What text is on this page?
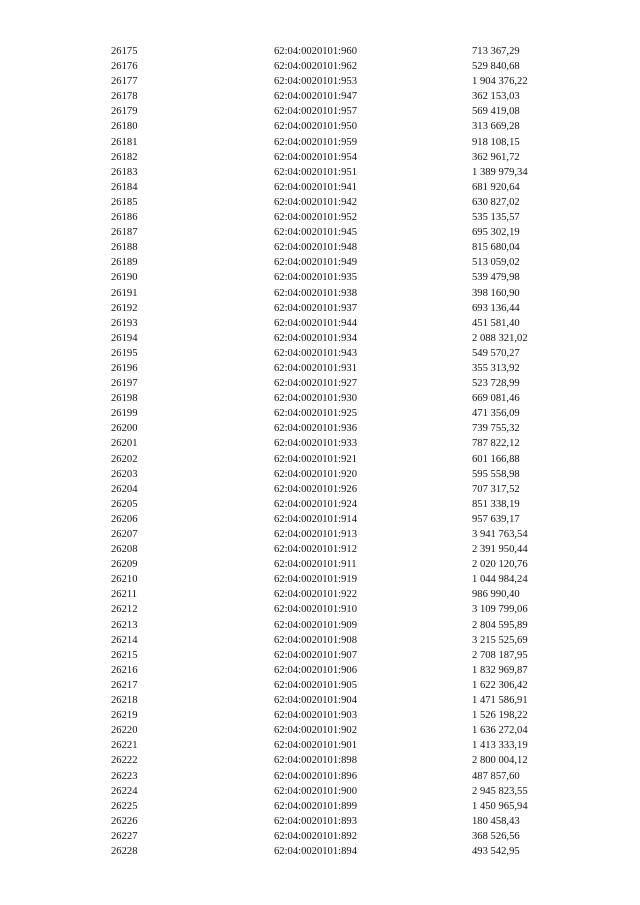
26175	62:04:0020101:960	713 367,29
26176	62:04:0020101:962	529 840,68
26177	62:04:0020101:953	1 904 376,22
26178	62:04:0020101:947	362 153,03
26179	62:04:0020101:957	569 419,08
26180	62:04:0020101:950	313 669,28
26181	62:04:0020101:959	918 108,15
26182	62:04:0020101:954	362 961,72
26183	62:04:0020101:951	1 389 979,34
26184	62:04:0020101:941	681 920,64
26185	62:04:0020101:942	630 827,02
26186	62:04:0020101:952	535 135,57
26187	62:04:0020101:945	695 302,19
26188	62:04:0020101:948	815 680,04
26189	62:04:0020101:949	513 059,02
26190	62:04:0020101:935	539 479,98
26191	62:04:0020101:938	398 160,90
26192	62:04:0020101:937	693 136,44
26193	62:04:0020101:944	451 581,40
26194	62:04:0020101:934	2 088 321,02
26195	62:04:0020101:943	549 570,27
26196	62:04:0020101:931	355 313,92
26197	62:04:0020101:927	523 728,99
26198	62:04:0020101:930	669 081,46
26199	62:04:0020101:925	471 356,09
26200	62:04:0020101:936	739 755,32
26201	62:04:0020101:933	787 822,12
26202	62:04:0020101:921	601 166,88
26203	62:04:0020101:920	595 558,98
26204	62:04:0020101:926	707 317,52
26205	62:04:0020101:924	851 338,19
26206	62:04:0020101:914	957 639,17
26207	62:04:0020101:913	3 941 763,54
26208	62:04:0020101:912	2 391 950,44
26209	62:04:0020101:911	2 020 120,76
26210	62:04:0020101:919	1 044 984,24
26211	62:04:0020101:922	986 990,40
26212	62:04:0020101:910	3 109 799,06
26213	62:04:0020101:909	2 804 595,89
26214	62:04:0020101:908	3 215 525,69
26215	62:04:0020101:907	2 708 187,95
26216	62:04:0020101:906	1 832 969,87
26217	62:04:0020101:905	1 622 306,42
26218	62:04:0020101:904	1 471 586,91
26219	62:04:0020101:903	1 526 198,22
26220	62:04:0020101:902	1 636 272,04
26221	62:04:0020101:901	1 413 333,19
26222	62:04:0020101:898	2 800 004,12
26223	62:04:0020101:896	487 857,60
26224	62:04:0020101:900	2 945 823,55
26225	62:04:0020101:899	1 450 965,94
26226	62:04:0020101:893	180 458,43
26227	62:04:0020101:892	368 526,56
26228	62:04:0020101:894	493 542,95
